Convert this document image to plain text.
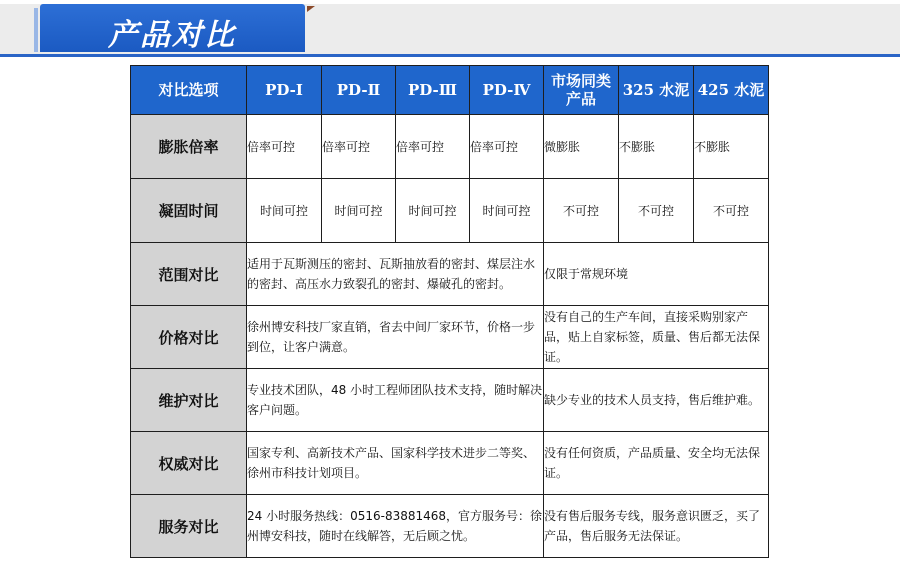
产品对比
对比选项	PD-Ⅰ	PD-Ⅱ	PD-Ⅲ	PD-Ⅳ	市场同类产品	325 水泥	425 水泥
膨胀倍率	倍率可控	倍率可控	倍率可控	倍率可控	微膨胀	不膨胀	不膨胀
凝固时间	时间可控	时间可控	时间可控	时间可控	不可控	不可控	不可控
范围对比	适用于瓦斯测压的密封、瓦斯抽放看的密封、煤层注水的密封、高压水力致裂孔的密封、爆破孔的密封。				仅限于常规环境		
价格对比	徐州博安科技厂家直销，省去中间厂家环节，价格一步到位，让客户满意。				没有自己的生产车间，直接采购别家产品，贴上自家标签，质量、售后都无法保证。		
维护对比	专业技术团队，48 小时工程师团队技术支持，随时解决客户问题。				缺少专业的技术人员支持，售后维护难。		
权威对比	国家专利、高新技术产品、国家科学技术进步二等奖、徐州市科技计划项目。				没有任何资质，产品质量、安全均无法保证。		
服务对比	24 小时服务热线：0516-83881468，官方服务号：徐州博安科技，随时在线解答，无后顾之忧。				没有售后服务专线，服务意识匮乏，买了产品，售后服务无法保证。		
